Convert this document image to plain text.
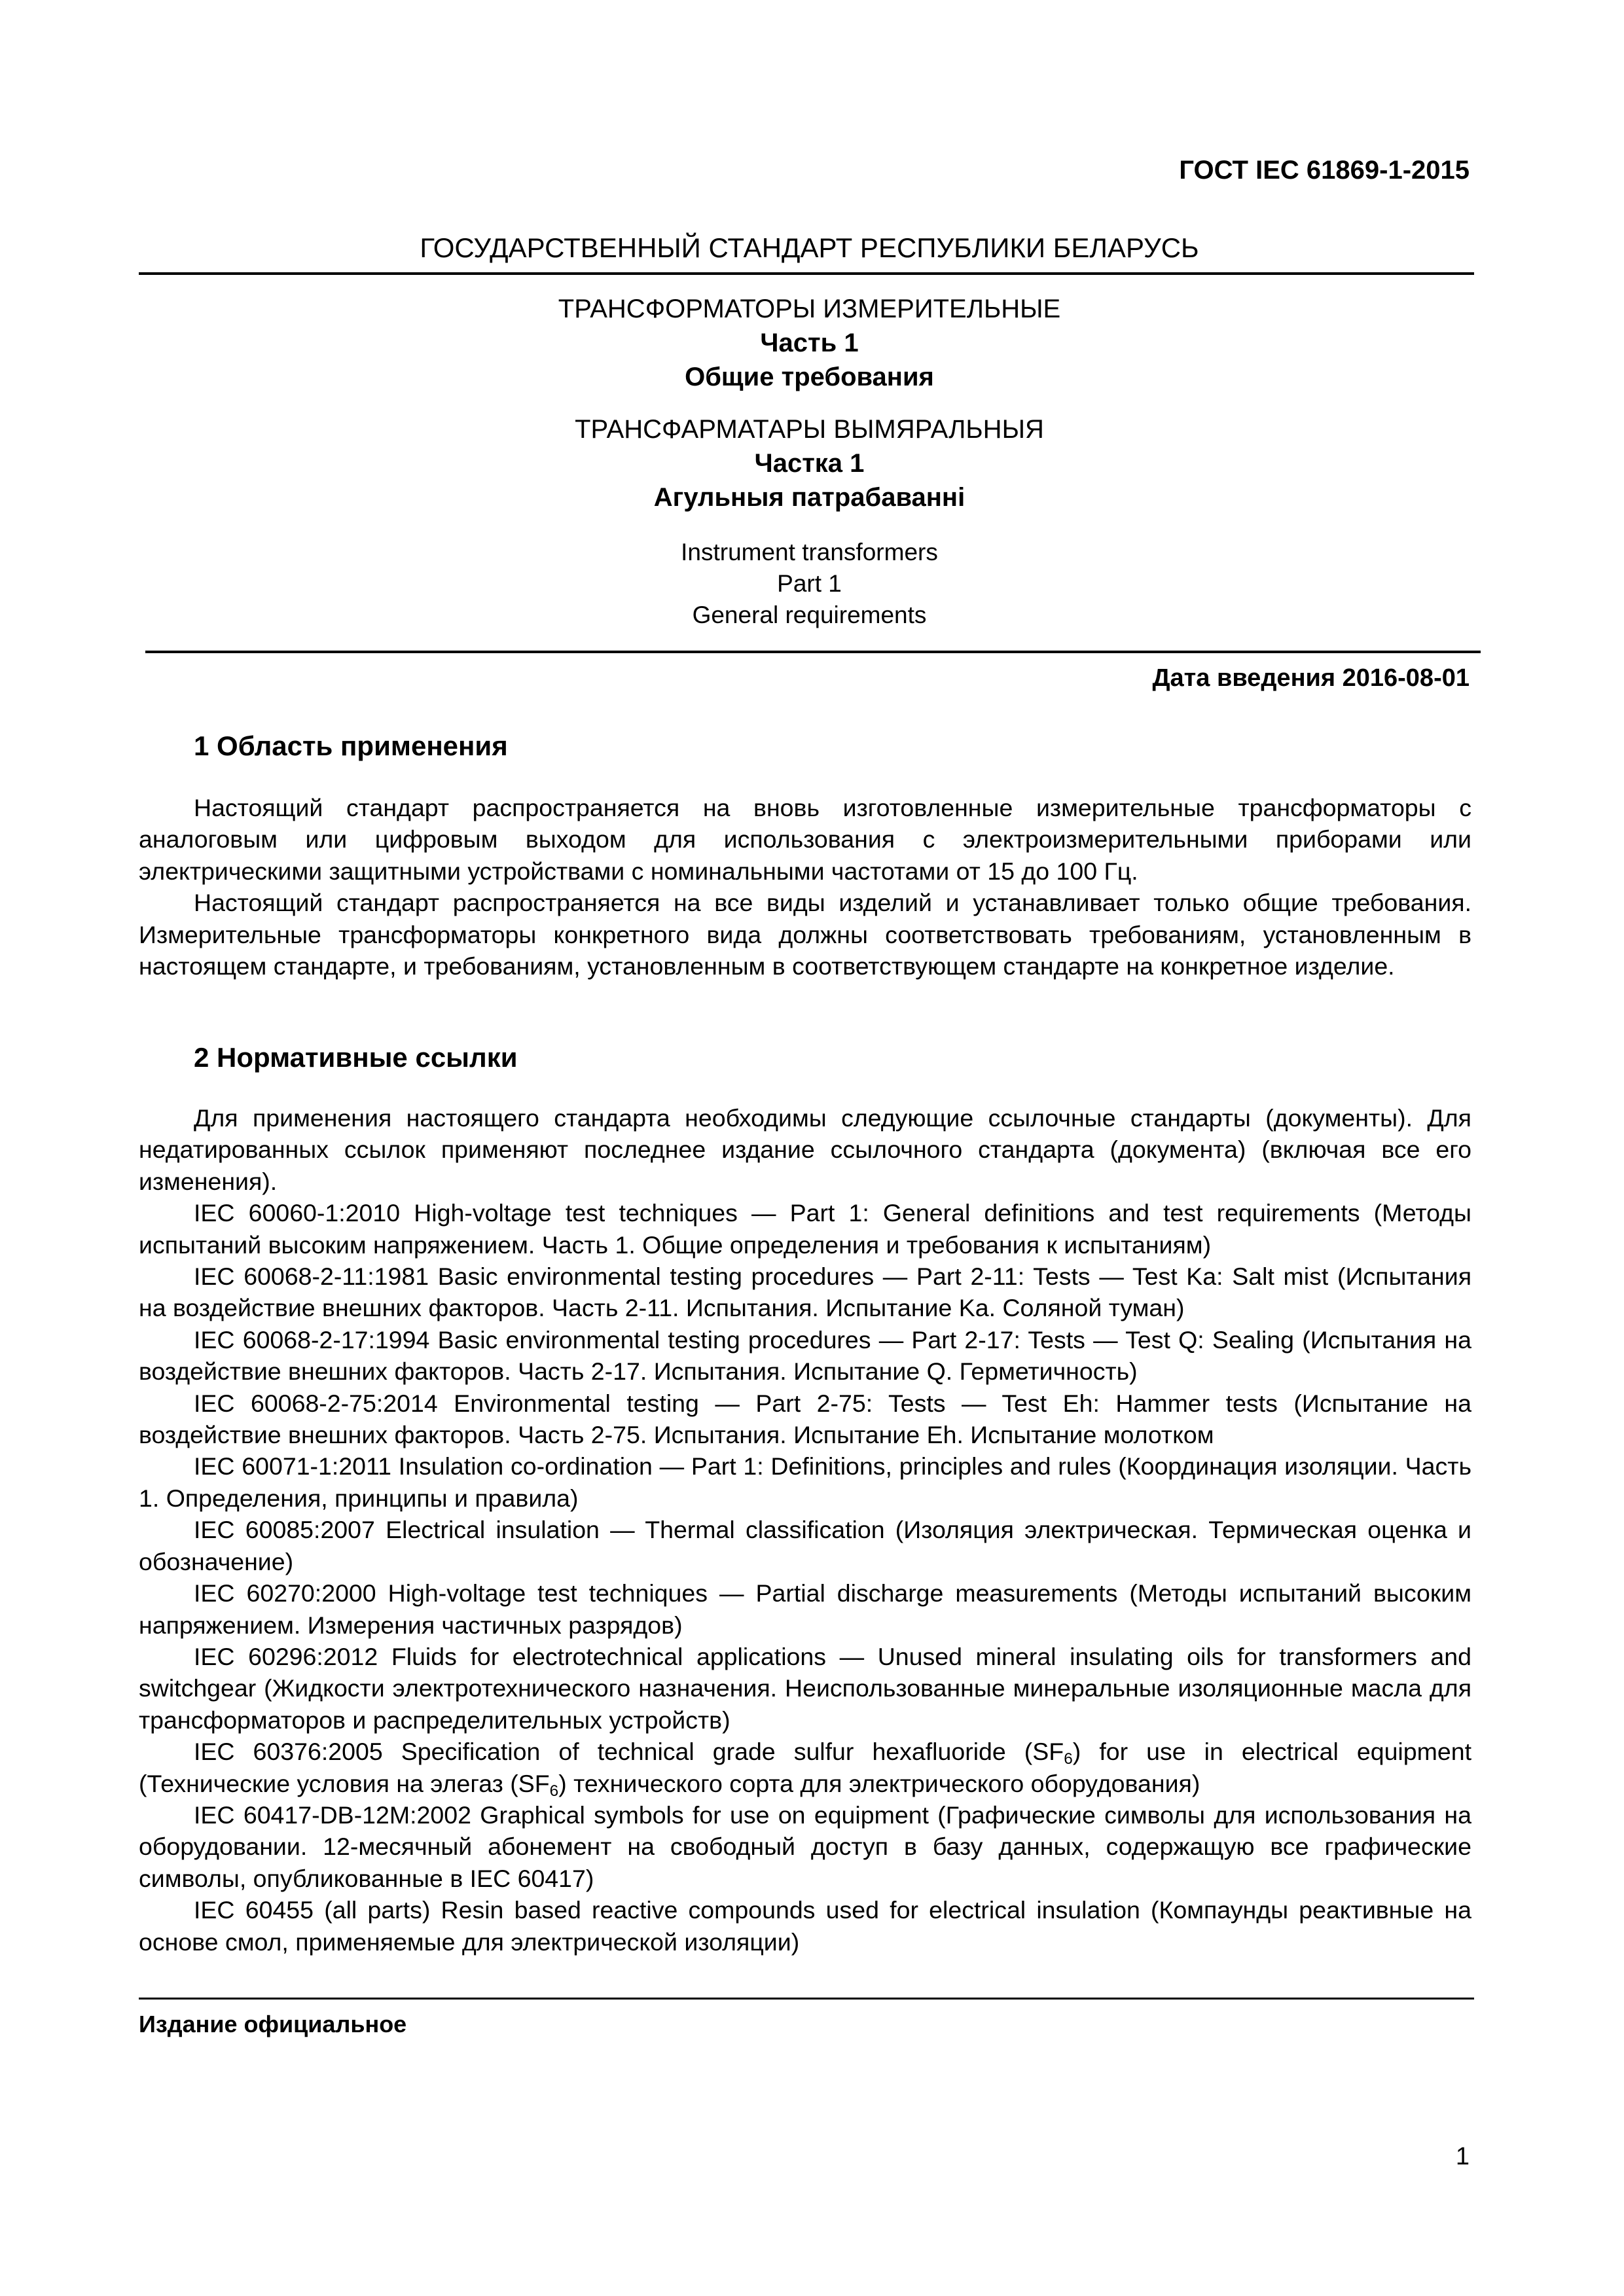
ГОСТ IEC 61869-1-2015
ГОСУДАРСТВЕННЫЙ СТАНДАРТ РЕСПУБЛИКИ БЕЛАРУСЬ
ТРАНСФОРМАТОРЫ ИЗМЕРИТЕЛЬНЫЕ
Часть 1
Общие требования
ТРАНСФАРМАТАРЫ ВЫМЯРАЛЬНЫЯ
Частка 1
Агульныя патрабаванні
Instrument transformers
Part 1
General requirements
Дата введения 2016-08-01
1 Область применения

Настоящий стандарт распространяется на вновь изготовленные измерительные трансформаторы с аналоговым или цифровым выходом для использования с электроизмерительными приборами или электрическими защитными устройствами с номинальными частотами от 15 до 100 Гц.

Настоящий стандарт распространяется на все виды изделий и устанавливает только общие требования. Измерительные трансформаторы конкретного вида должны соответствовать требованиям, установленным в настоящем стандарте, и требованиям, установленным в соответствующем стандарте на конкретное изделие.

2 Нормативные ссылки

Для применения настоящего стандарта необходимы следующие ссылочные стандарты (документы). Для недатированных ссылок применяют последнее издание ссылочного стандарта (документа) (включая все его изменения).

IEC 60060-1:2010 High-voltage test techniques — Part 1: General definitions and test requirements (Методы испытаний высоким напряжением. Часть 1. Общие определения и требования к испытаниям)

IEC 60068-2-11:1981 Basic environmental testing procedures — Part 2-11: Tests — Test Ka: Salt mist (Испытания на воздействие внешних факторов. Часть 2-11. Испытания. Испытание Ka. Соляной туман)

IEC 60068-2-17:1994 Basic environmental testing procedures — Part 2-17: Tests — Test Q: Sealing (Испытания на воздействие внешних факторов. Часть 2-17. Испытания. Испытание Q. Герметичность)

IEC 60068-2-75:2014 Environmental testing — Part 2-75: Tests — Test Eh: Hammer tests (Испытание на воздействие внешних факторов. Часть 2-75. Испытания. Испытание Eh. Испытание молотком

IEC 60071-1:2011 Insulation co-ordination — Part 1: Definitions, principles and rules (Координация изоляции. Часть 1. Определения, принципы и правила)

IEC 60085:2007 Electrical insulation — Thermal classification (Изоляция электрическая. Термическая оценка и обозначение)

IEC 60270:2000 High-voltage test techniques — Partial discharge measurements (Методы испытаний высоким напряжением. Измерения частичных разрядов)

IEC 60296:2012 Fluids for electrotechnical applications — Unused mineral insulating oils for transformers and switchgear (Жидкости электротехнического назначения. Неиспользованные минеральные изоляционные масла для трансформаторов и распределительных устройств)

IEC 60376:2005 Specification of technical grade sulfur hexafluoride $(SF_6)$ for use in electrical equipment (Технические условия на элегаз $(SF_6)$ технического сорта для электрического оборудования)

IEC 60417-DB-12M:2002 Graphical symbols for use on equipment (Графические символы для использования на оборудовании. 12-месячный абонемент на свободный доступ в базу данных, содержащую все графические символы, опубликованные в IEC 60417)

IEC 60455 (all parts) Resin based reactive compounds used for electrical insulation (Компаунды реактивные на основе смол, применяемые для электрической изоляции)

Издание официальное
1
